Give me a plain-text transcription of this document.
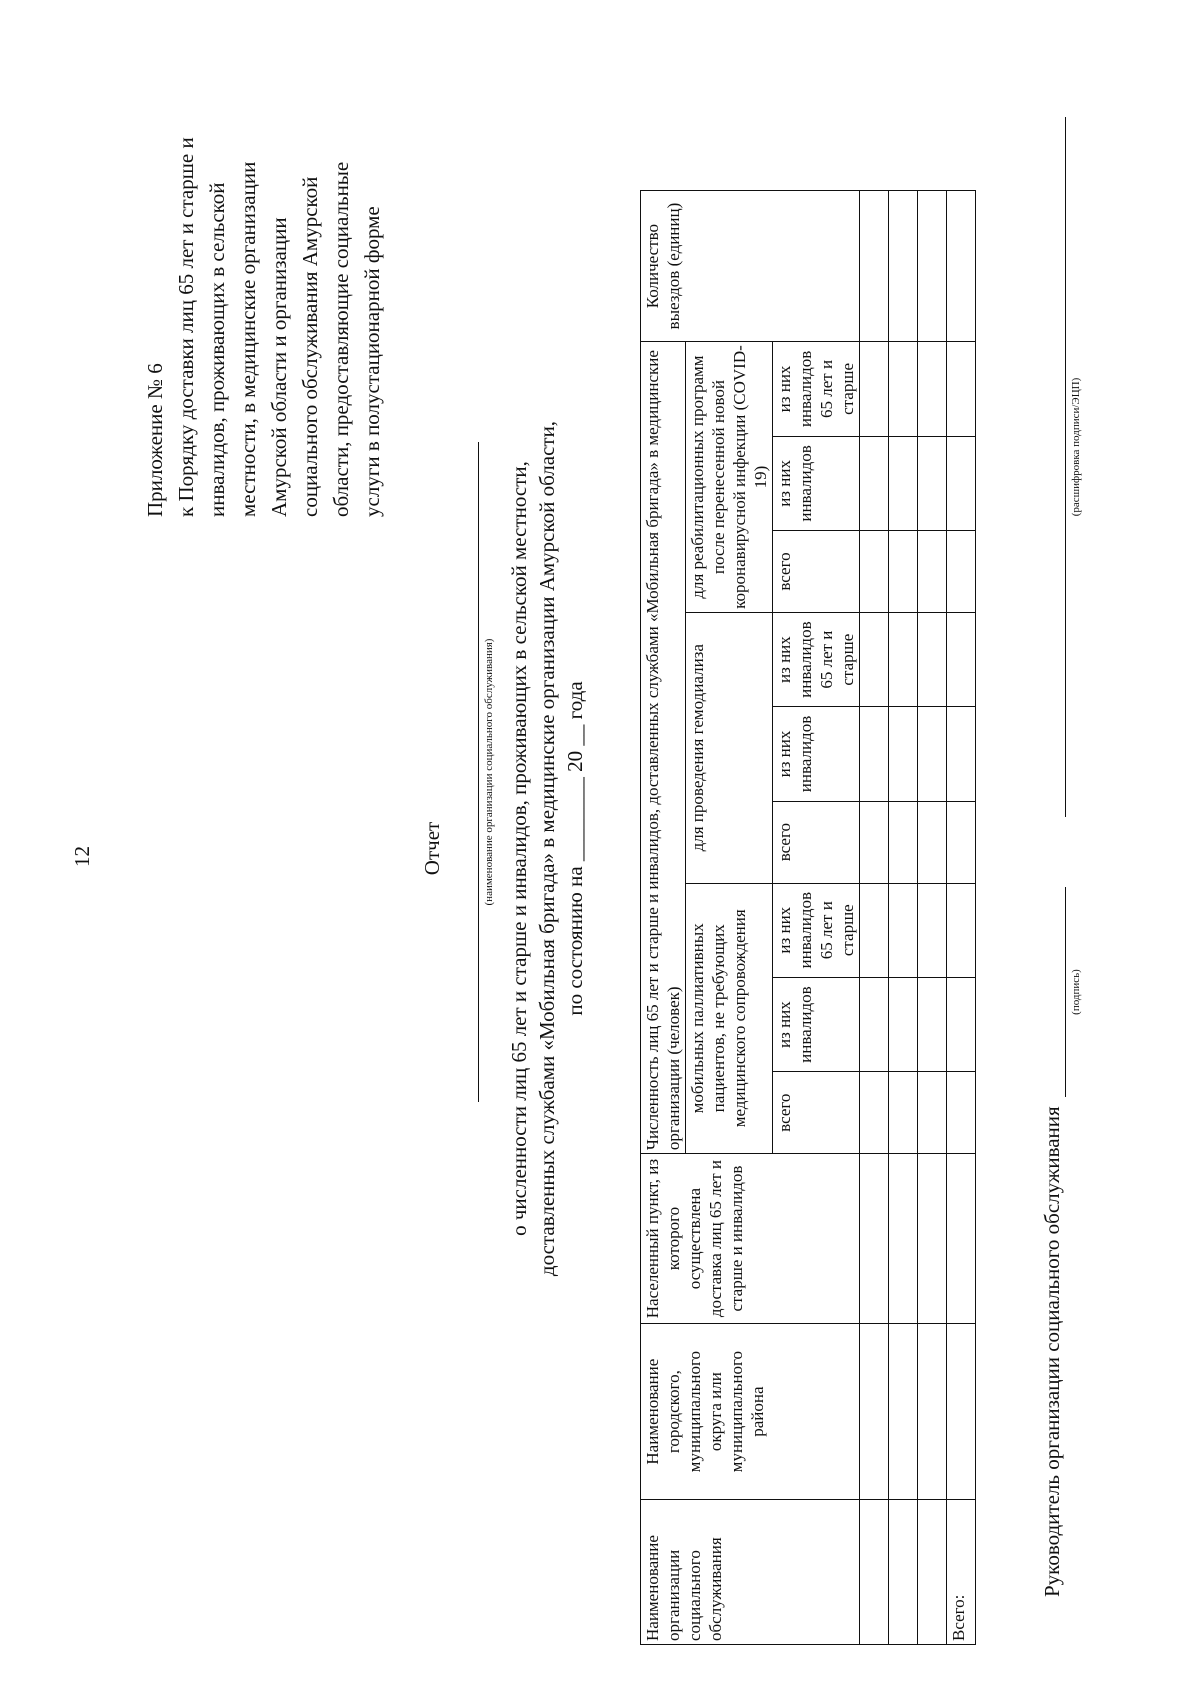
12
Приложение № 6 к Порядку доставки лиц 65 лет и старше и инвалидов, проживающих в сельской местности, в медицинские организации Амурской области и организации социального обслуживания Амурской области, предоставляющие социальные услуги в полустационарной форме
Отчет	(наименование организации социального обслуживания) о численности лиц 65 лет и старше и инвалидов, проживающих в сельской местности, доставленных службами «Мобильная бригада» в медицинские организации Амурской области, по состоянию на ________ 20 __ года
Наименование организации социального обслуживания	Наименование городского, муниципального округа или муниципального района	Населенный пункт, из которого осуществлена доставка лиц 65 лет и старше и инвалидов	Численность лиц 65 лет и старше и инвалидов, доставленных службами «Мобильная бригада» в медицинские организации (человек)									Количество выездов (единиц)
			мобильных паллиативных пациентов, не требующих медицинского сопровождения			для проведения гемодиализа			для реабилитационных программ после перенесенной новой коронавирусной инфекции (COVID-19)			
			всего	из них инвалидов	из них инвалидов 65 лет и старше	всего	из них инвалидов	из них инвалидов 65 лет и старше	всего	из них инвалидов	из них инвалидов 65 лет и старше	

Всего:												
Руководитель организации социального обслуживания
(подпись)
(расшифровка подписи/ЭЦП)
